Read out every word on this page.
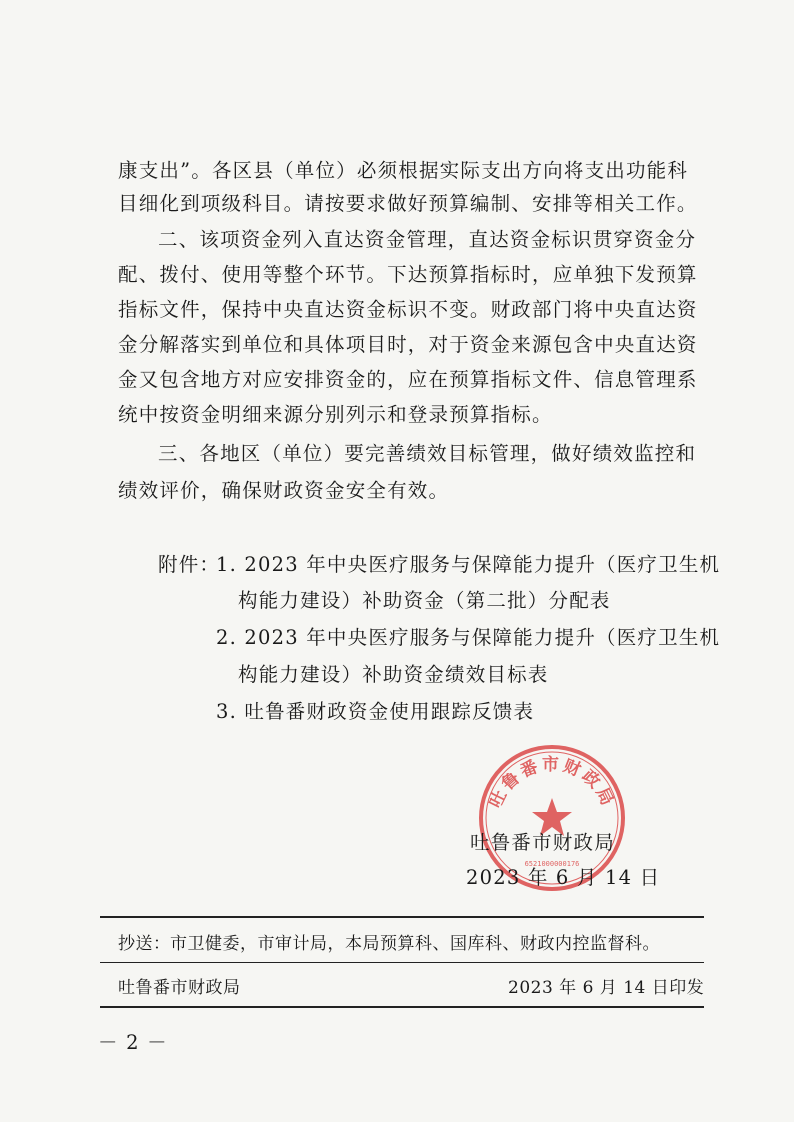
康支出”。各区县（单位）必须根据实际支出方向将支出功能科
目细化到项级科目。请按要求做好预算编制、安排等相关工作。
二、该项资金列入直达资金管理，直达资金标识贯穿资金分
配、拨付、使用等整个环节。下达预算指标时，应单独下发预算
指标文件，保持中央直达资金标识不变。财政部门将中央直达资
金分解落实到单位和具体项目时，对于资金来源包含中央直达资
金又包含地方对应安排资金的，应在预算指标文件、信息管理系
统中按资金明细来源分别列示和登录预算指标。
三、各地区（单位）要完善绩效目标管理，做好绩效监控和
绩效评价，确保财政资金安全有效。
附件：
1. 2023 年中央医疗服务与保障能力提升（医疗卫生机
构能力建设）补助资金（第二批）分配表
2. 2023 年中央医疗服务与保障能力提升（医疗卫生机
构能力建设）补助资金绩效目标表
3. 吐鲁番财政资金使用跟踪反馈表
吐鲁番市财政局
6521000000176
吐鲁番市财政局
2023 年 6 月 14 日
抄送： 市卫健委，市审计局，本局预算科、国库科、财政内控监督科。
吐鲁番市财政局	2023 年 6 月 14 日印发
－ 2 －
